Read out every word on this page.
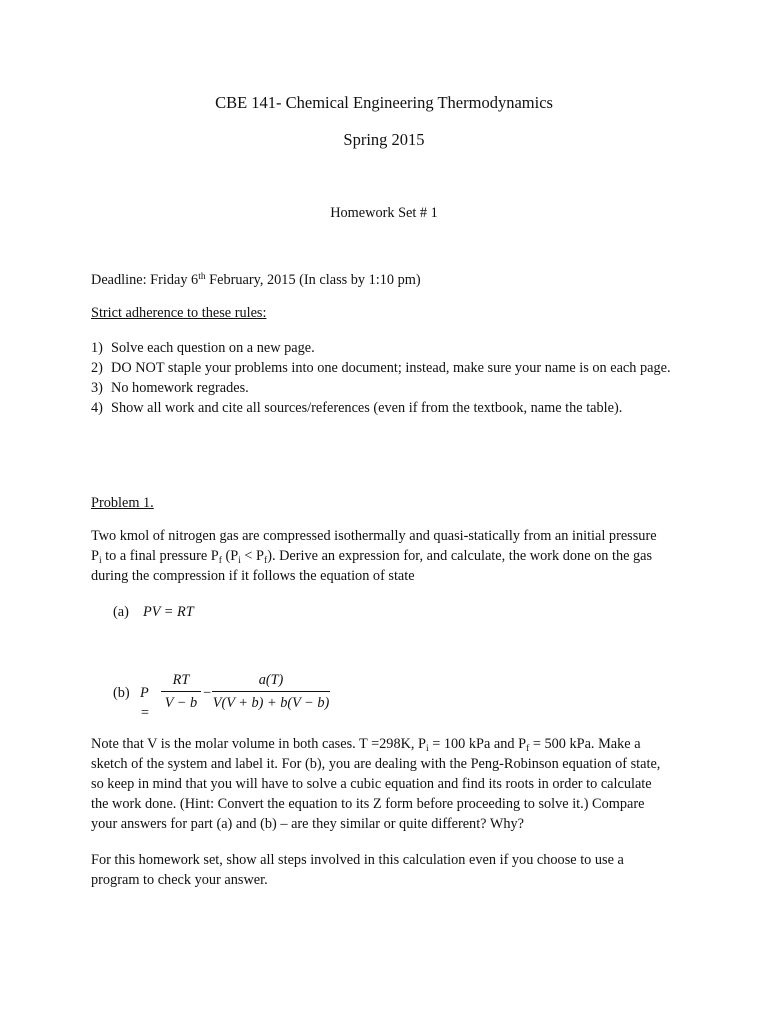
CBE 141- Chemical Engineering Thermodynamics
Spring 2015
Homework Set # 1
Deadline: Friday 6th February, 2015 (In class by 1:10 pm)
Strict adherence to these rules:
1) Solve each question on a new page.
2) DO NOT staple your problems into one document; instead, make sure your name is on each page.
3) No homework regrades.
4) Show all work and cite all sources/references (even if from the textbook, name the table).
Problem 1.

Two kmol of nitrogen gas are compressed isothermally and quasi-statically from an initial pressure $P_i$ to a final pressure $P_f$ $(P_i < P_f)$. Derive an expression for, and calculate, the work done on the gas during the compression if it follows the equation of state

(a) PV = RT
(b) P =
RT
V − b
−
a(T)
V(V + b) + b(V − b)

Note that V is the molar volume in both cases. T =298K, $P_i = 100$ kPa and $P_f = 500$ kPa. Make a sketch of the system and label it. For (b), you are dealing with the Peng-Robinson equation of state, so keep in mind that you will have to solve a cubic equation and find its roots in order to calculate the work done. (Hint: Convert the equation to its Z form before proceeding to solve it.) Compare your answers for part (a) and (b) – are they similar or quite different? Why?

For this homework set, show all steps involved in this calculation even if you choose to use a program to check your answer.
